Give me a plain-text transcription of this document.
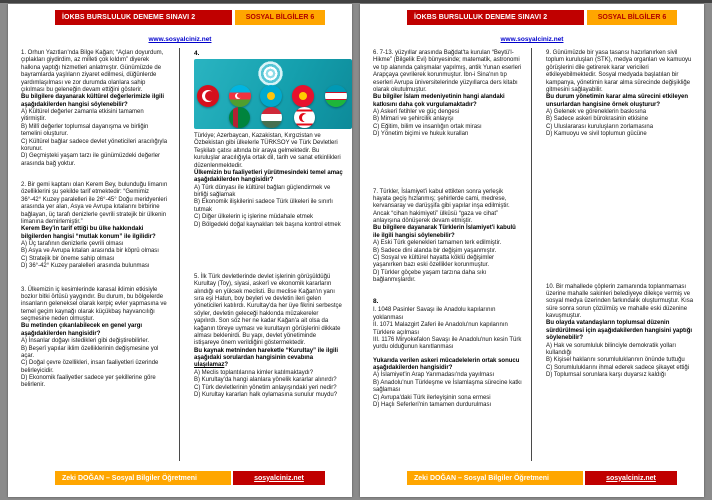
İOKBS BURSLULUK DENEME SINAVI 2	SOSYAL BİLGİLER 6
www.sosyalciniz.net
1. Orhun Yazıtları'nda Bilge Kağan; “Açları doyurdum, çıplakları giydirdim, az milleti çok kıldım” diyerek halkına yaptığı hizmetleri anlatmıştır. Günümüzde de bayramlarda yaşlıların ziyaret edilmesi, düğünlerde yardımlaşılması ve zor durumda olanlara sahip çıkılması bu geleneğin devam ettiğini gösterir.
Bu bilgilere dayanarak kültürel değerlerimizle ilgili aşağıdakilerden hangisi söylenebilir?
A) Kültürel değerler zamanla etkisini tamamen yitirmiştir.
B) Millî değerler toplumsal dayanışma ve birliğin temelini oluşturur.
C) Kültürel bağlar sadece devlet yöneticileri aracılığıyla korunur.
D) Geçmişteki yaşam tarzı ile günümüzdeki değerler arasında bağ yoktur.
2. Bir gemi kaptanı olan Kerem Bey, bulunduğu limanın özelliklerini şu şekilde tarif etmektedir: “Gemimiz 36°-42° Kuzey paralelleri ile 26°-45° Doğu meridyenleri arasında yer alan, Asya ve Avrupa kıtalarını birbirine bağlayan, üç tarafı denizlerle çevrili stratejik bir ülkenin limanına demirlemiştir.”
Kerem Bey'in tarif ettiği bu ülke hakkındaki bilgilerden hangisi “mutlak konum” ile ilgilidir?
A) Üç tarafının denizlerle çevrili olması
B) Asya ve Avrupa kıtaları arasında bir köprü olması
C) Stratejik bir öneme sahip olması
D) 36°-42° Kuzey paralelleri arasında bulunması
3. Ülkemizin iç kesimlerinde karasal iklimin etkisiyle bozkır bitki örtüsü yaygındır. Bu durum, bu bölgelerde insanların geleneksel olarak kerpiç evler yapmasına ve temel geçim kaynağı olarak küçükbaş hayvancılığı seçmesine neden olmuştur.
Bu metinden çıkarılabilecek en genel yargı aşağıdakilerden hangisidir?
A) İnsanlar doğayı istedikleri gibi değiştirebilirler.
B) Beşerî yapılar iklim özelliklerinin değişmesine yol açar.
C) Doğal çevre özellikleri, insan faaliyetleri üzerinde belirleyicidir.
D) Ekonomik faaliyetler sadece yer şekillerine göre belirlenir.
4.
Türkiye; Azerbaycan, Kazakistan, Kırgızistan ve Özbekistan gibi ülkelerle TÜRKSOY ve Türk Devletleri Teşkilatı çatısı altında bir araya gelmektedir. Bu kuruluşlar aracılığıyla ortak dil, tarih ve sanat etkinlikleri düzenlenmektedir.
Ülkemizin bu faaliyetleri yürütmesindeki temel amaç aşağıdakilerden hangisidir?
A) Türk dünyası ile kültürel bağları güçlendirmek ve birliği sağlamak
B) Ekonomik ilişkilerini sadece Türk ülkeleri ile sınırlı tutmak
C) Diğer ülkelerin iç işlerine müdahale etmek
D) Bölgedeki doğal kaynakları tek başına kontrol etmek
5. İlk Türk devletlerinde devlet işlerinin görüşüldüğü Kurultay (Toy), siyasi, askerî ve ekonomik kararların alındığı en yüksek meclisti. Bu meclise Kağan'ın yanı sıra eşi Hatun, boy beyleri ve devletin ileri gelen yöneticileri katılırdı. Kurultay'da her üye fikrini serbestçe söyler, devletin geleceği hakkında müzakereler yapılırdı. Son söz her ne kadar Kağan'a ait olsa da kağanın töreye uyması ve kurultayın görüşlerini dikkate alması beklenirdi. Bu yapı, devlet yönetiminde istişareye önem verildiğini göstermektedir.
Bu kaynak metninden hareketle “Kurultay” ile ilgili aşağıdaki sorulardan hangisinin cevabına ulaşılamaz?
A) Meclis toplantılarına kimler katılmaktaydı?
B) Kurultay'da hangi alanlara yönelik kararlar alınırdı?
C) Türk devletlerinin yönetim anlayışındaki yeri nedir?
D) Kurultay kararları halk oylamasına sunulur muydu?
Zeki DOĞAN – Sosyal Bilgiler Öğretmeni	sosyalciniz.net
İOKBS BURSLULUK DENEME SINAVI 2	SOSYAL BİLGİLER 6
www.sosyalciniz.net
6. 7-13. yüzyıllar arasında Bağdat'ta kurulan “Beytü'l-Hikme” (Bilgelik Evi) bünyesinde; matematik, astronomi ve tıp alanında çalışmalar yapılmış, antik Yunan eserleri Arapçaya çevrilerek korunmuştur. İbn-i Sina'nın tıp eserleri Avrupa üniversitelerinde yüzyıllarca ders kitabı olarak okutulmuştur.
Bu bilgiler İslam medeniyetinin hangi alandaki katkısını daha çok vurgulamaktadır?
A) Askerî fetihler ve güç dengesi
B) Mimari ve şehircilik anlayışı
C) Eğitim, bilim ve insanlığın ortak mirası
D) Yönetim biçimi ve hukuk kuralları
7. Türkler, İslamiyet'i kabul ettikten sonra yerleşik hayata geçiş hızlanmış; şehirlerde cami, medrese, kervansaray ve darüşşifa gibi yapılar inşa edilmiştir. Ancak “cihan hakimiyeti” ülküsü “gaza ve cihat” anlayışına dönüşerek devam etmiştir.
Bu bilgilere dayanarak Türklerin İslamiyet'i kabulü ile ilgili hangisi söylenebilir?
A) Eski Türk gelenekleri tamamen terk edilmiştir.
B) Sadece dini alanda bir değişim yaşanmıştır.
C) Sosyal ve kültürel hayatta köklü değişimler yaşanırken bazı eski özellikler korunmuştur.
D) Türkler göçebe yaşam tarzına daha sıkı bağlanmışlardır.
8.
I. 1048 Pasinler Savaşı ile Anadolu kapılarının yoklanması
II. 1071 Malazgirt Zaferi ile Anadolu'nun kapılarının Türklere açılması
III. 1176 Miryokefalon Savaşı ile Anadolu'nun kesin Türk yurdu olduğunun kanıtlanması
Yukarıda verilen askeri mücadelelerin ortak sonucu aşağıdakilerden hangisidir?
A) İslamiyet'in Arap Yarımadası'nda yayılması
B) Anadolu'nun Türkleşme ve İslamlaşma sürecine katkı sağlaması
C) Avrupa'daki Türk ilerleyişinin sona ermesi
D) Haçlı Seferleri'nin tamamen durdurulması
9. Günümüzde bir yasa tasarısı hazırlanırken sivil toplum kuruluşları (STK), medya organları ve kamuoyu görüşlerini dile getirerek karar vericileri etkileyebilmektedir. Sosyal medyada başlatılan bir kampanya, yönetimin karar alma sürecinde değişikliğe gitmesini sağlayabilir.
Bu durum yönetimin karar alma sürecini etkileyen unsurlardan hangisine örnek oluşturur?
A) Gelenek ve göreneklerin baskısına
B) Sadece askeri bürokrasinin etkisine
C) Uluslararası kuruluşların zorlamasına
D) Kamuoyu ve sivil toplumun gücüne
10. Bir mahallede çöplerin zamanında toplanmaması üzerine mahalle sakinleri belediyeye dilekçe vermiş ve sosyal medya üzerinden farkındalık oluşturmuştur. Kısa süre sonra sorun çözülmüş ve mahalle eski düzenine kavuşmuştur.
Bu olayda vatandaşların toplumsal düzenin sürdürülmesi için aşağıdakilerden hangisini yaptığı söylenebilir?
A) Hak ve sorumluluk bilinciyle demokratik yolları kullandığı
B) Kişisel haklarını sorumluluklarının önünde tuttuğu
C) Sorumluluklarını ihmal ederek sadece şikayet ettiği
D) Toplumsal sorunlara karşı duyarsız kaldığı
Zeki DOĞAN – Sosyal Bilgiler Öğretmeni	sosyalciniz.net
